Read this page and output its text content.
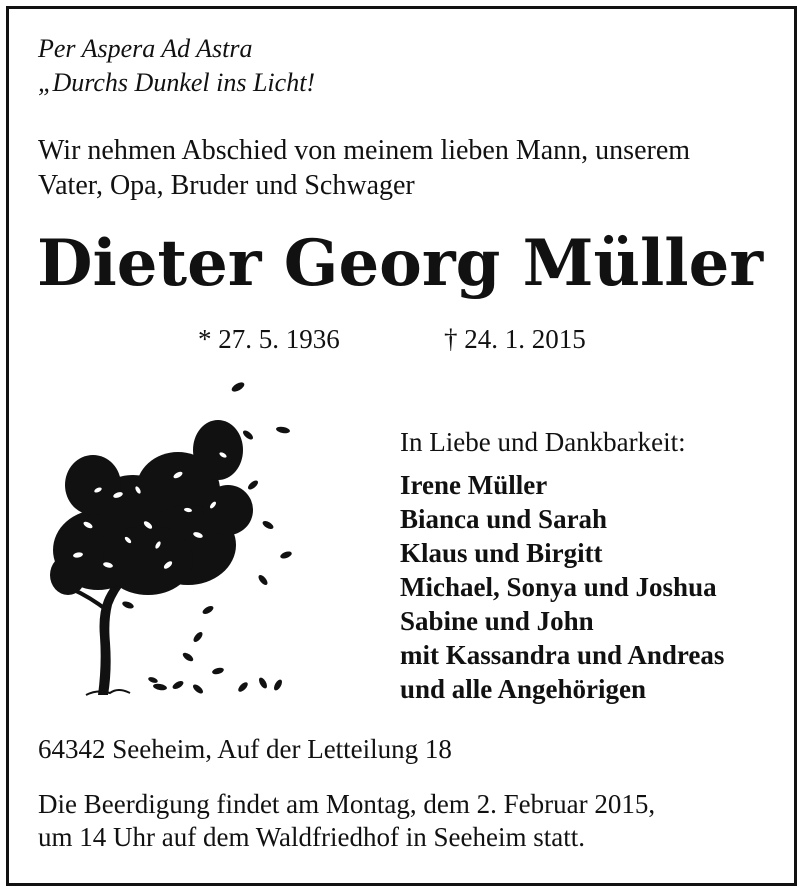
Per Aspera Ad Astra
„Durchs Dunkel ins Licht!
Wir nehmen Abschied von meinem lieben Mann, unserem
Vater, Opa, Bruder und Schwager
Dieter Georg Müller
* 27. 5. 1936	† 24. 1. 2015
In Liebe und Dankbarkeit:
Irene Müller
Bianca und Sarah
Klaus und Birgitt
Michael, Sonya und Joshua
Sabine und John
mit Kassandra und Andreas
und alle Angehörigen
64342 Seeheim, Auf der Letteilung 18
Die Beerdigung findet am Montag, dem 2. Februar 2015,
um 14 Uhr auf dem Waldfriedhof in Seeheim statt.
